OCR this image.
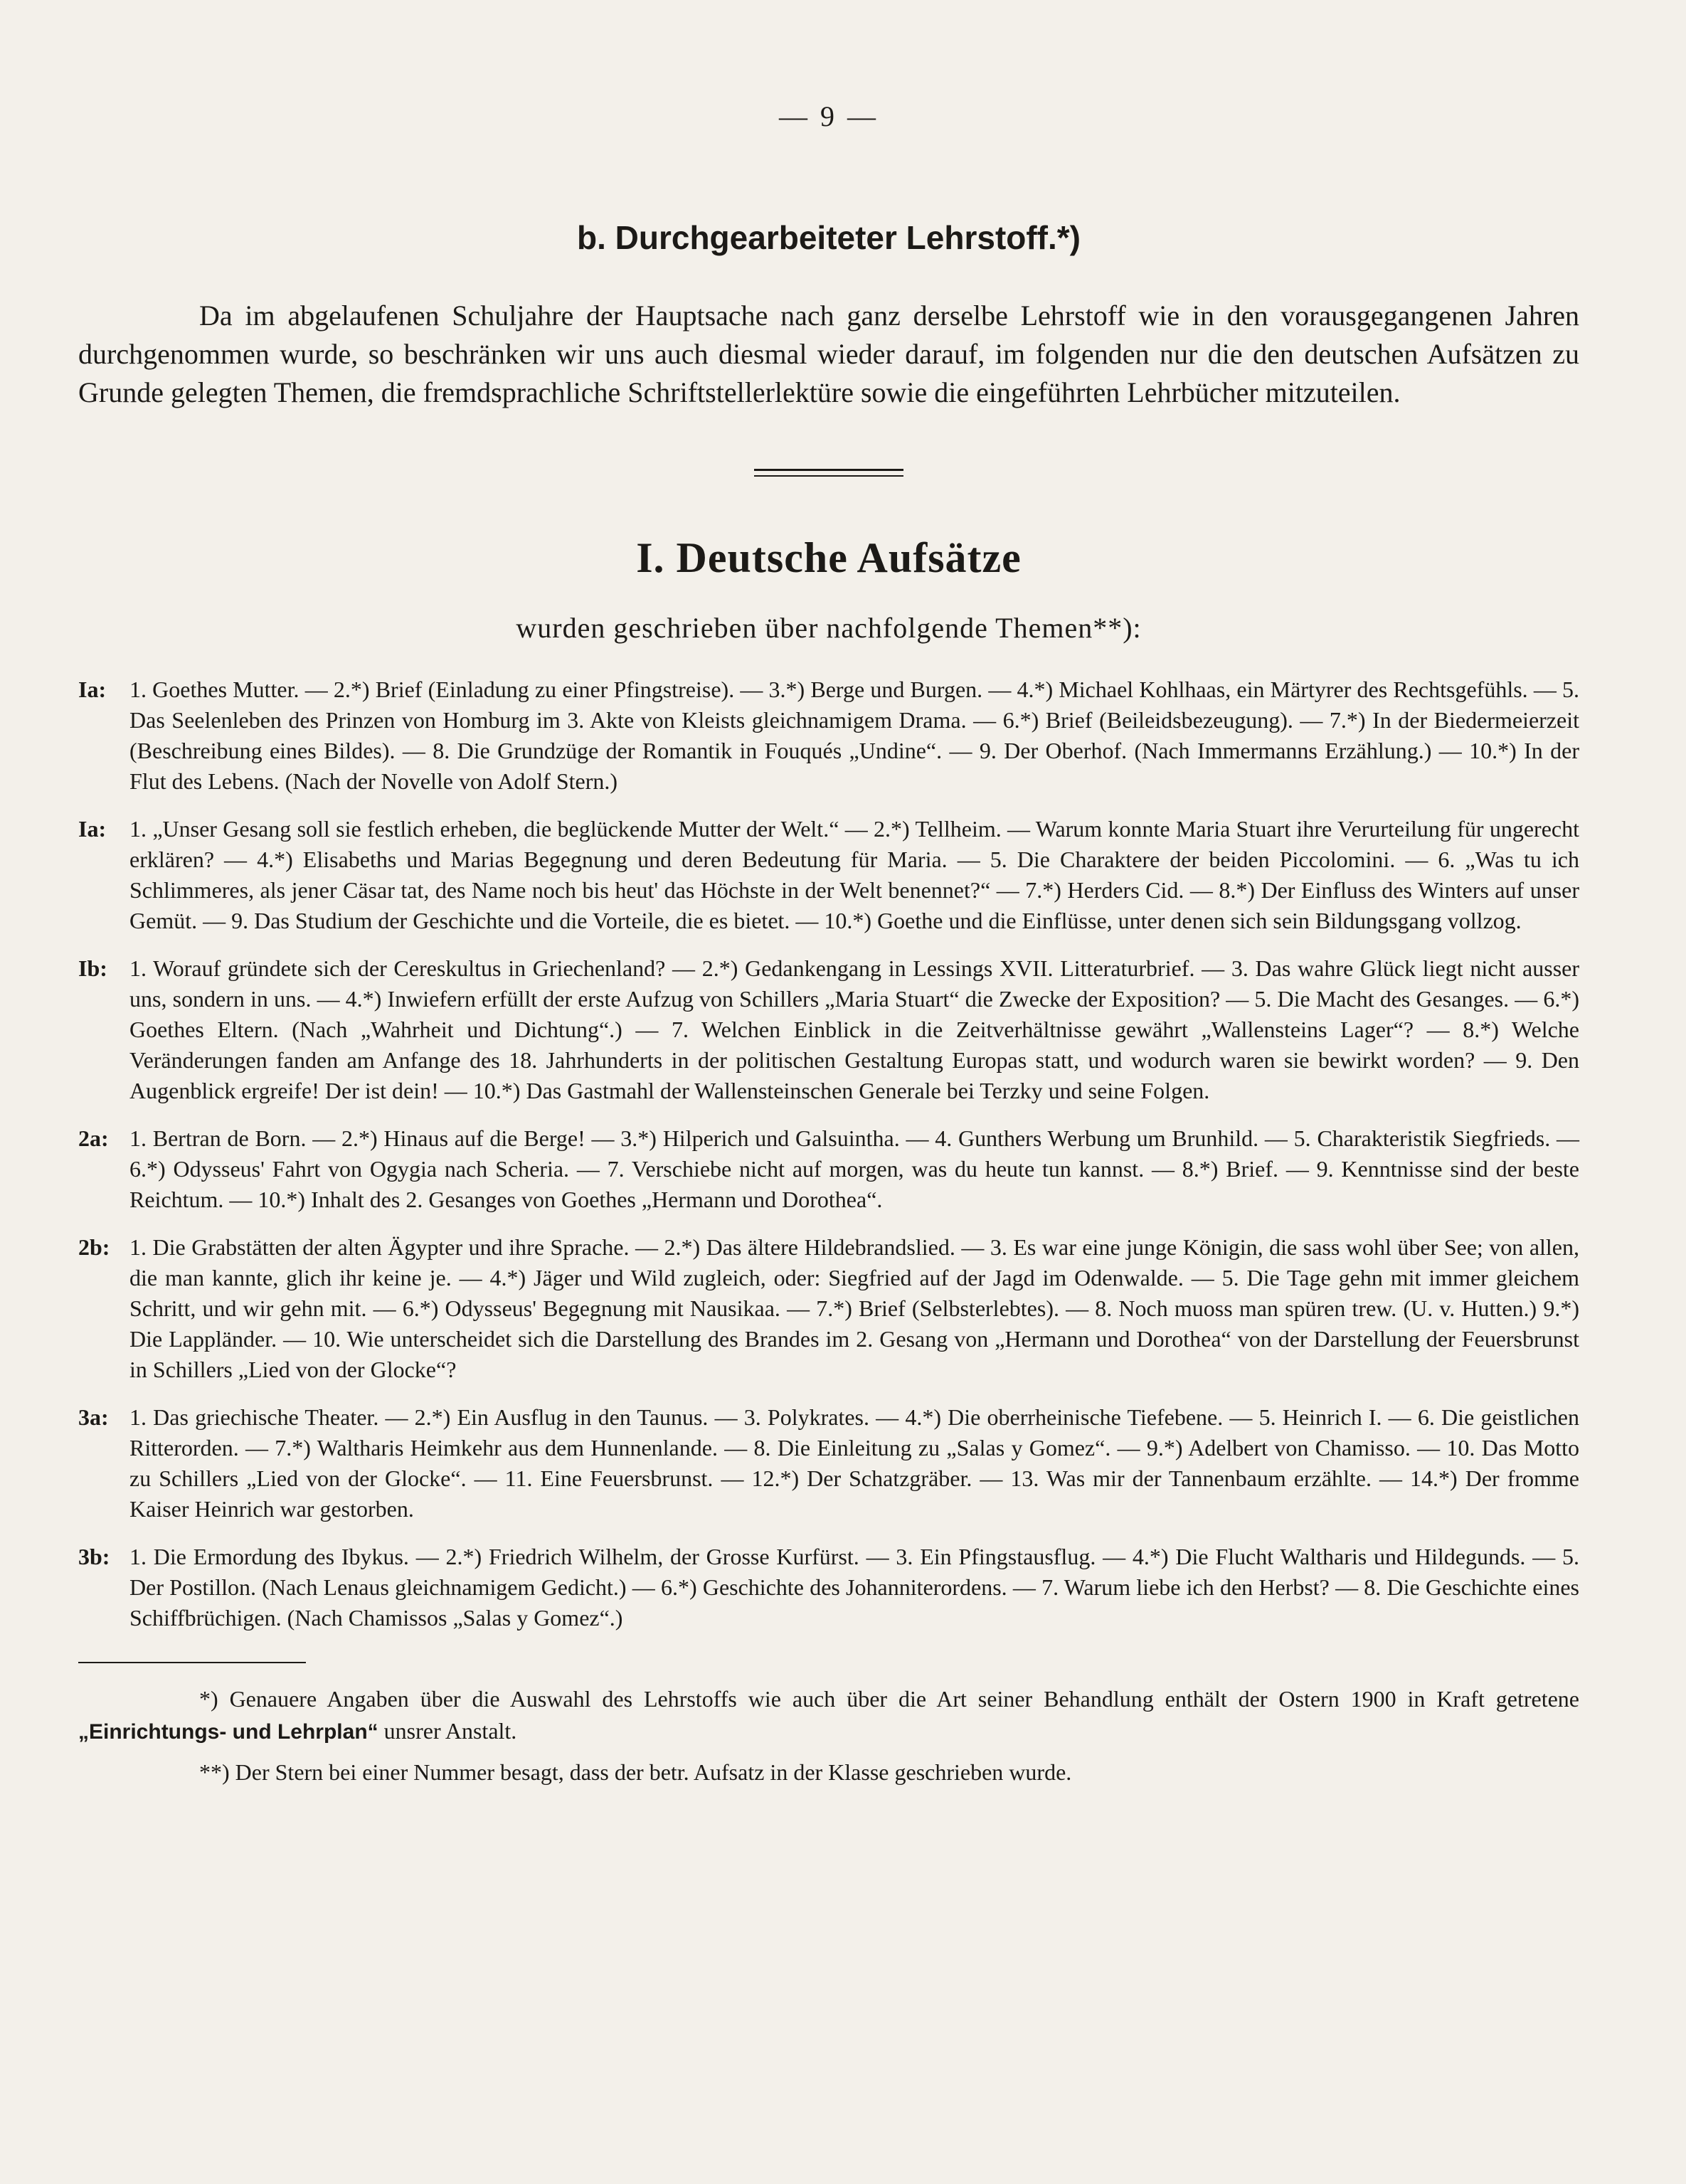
— 9 —
b. Durchgearbeiteter Lehrstoff.*)

Da im abgelaufenen Schuljahre der Hauptsache nach ganz derselbe Lehrstoff wie in den vorausgegangenen Jahren durchgenommen wurde, so beschränken wir uns auch diesmal wieder darauf, im folgenden nur die den deutschen Aufsätzen zu Grunde gelegten Themen, die fremdsprachliche Schriftstellerlektüre sowie die eingeführten Lehrbücher mitzuteilen.

I. Deutsche Aufsätze
wurden geschrieben über nachfolgende Themen**):
Ia:	1. Goethes Mutter. — 2.*) Brief (Einladung zu einer Pfingstreise). — 3.*) Berge und Burgen. — 4.*) Michael Kohlhaas, ein Märtyrer des Rechtsgefühls. — 5. Das Seelenleben des Prinzen von Homburg im 3. Akte von Kleists gleichnamigem Drama. — 6.*) Brief (Beileidsbezeugung). — 7.*) In der Biedermeierzeit (Beschreibung eines Bildes). — 8. Die Grundzüge der Romantik in Fouqués „Undine“. — 9. Der Oberhof. (Nach Immermanns Erzählung.) — 10.*) In der Flut des Lebens. (Nach der Novelle von Adolf Stern.)
Ia:	1. „Unser Gesang soll sie festlich erheben, die beglückende Mutter der Welt.“ — 2.*) Tellheim. — Warum konnte Maria Stuart ihre Verurteilung für ungerecht erklären? — 4.*) Elisabeths und Marias Begegnung und deren Bedeutung für Maria. — 5. Die Charaktere der beiden Piccolomini. — 6. „Was tu ich Schlimmeres, als jener Cäsar tat, des Name noch bis heut' das Höchste in der Welt benennet?“ — 7.*) Herders Cid. — 8.*) Der Einfluss des Winters auf unser Gemüt. — 9. Das Studium der Geschichte und die Vorteile, die es bietet. — 10.*) Goethe und die Einflüsse, unter denen sich sein Bildungsgang vollzog.
Ib: 1. Worauf gründete sich der Cereskultus in Griechenland? — 2.*) Gedankengang in Lessings XVII. Litteraturbrief. — 3. Das wahre Glück liegt nicht ausser uns, sondern in uns. — 4.*) Inwiefern erfüllt der erste Aufzug von Schillers „Maria Stuart“ die Zwecke der Exposition? — 5. Die Macht des Gesanges. — 6.*) Goethes Eltern. (Nach „Wahrheit und Dichtung“.) — 7. Welchen Einblick in die Zeitverhältnisse gewährt „Wallensteins Lager“? — 8.*) Welche Veränderungen fanden am Anfange des 18. Jahrhunderts in der politischen Gestaltung Europas statt, und wodurch waren sie bewirkt worden? — 9. Den Augenblick ergreife! Der ist dein! — 10.*) Das Gastmahl der Wallensteinschen Generale bei Terzky und seine Folgen.
2a: 1. Bertran de Born. — 2.*) Hinaus auf die Berge! — 3.*) Hilperich und Galsuintha. — 4. Gunthers Werbung um Brunhild. — 5. Charakteristik Siegfrieds. — 6.*) Odysseus' Fahrt von Ogygia nach Scheria. — 7. Verschiebe nicht auf morgen, was du heute tun kannst. — 8.*) Brief. — 9. Kenntnisse sind der beste Reichtum. — 10.*) Inhalt des 2. Gesanges von Goethes „Hermann und Dorothea“.
2b: 1. Die Grabstätten der alten Ägypter und ihre Sprache. — 2.*) Das ältere Hildebrandslied. — 3. Es war eine junge Königin, die sass wohl über See; von allen, die man kannte, glich ihr keine je. — 4.*) Jäger und Wild zugleich, oder: Siegfried auf der Jagd im Odenwalde. — 5. Die Tage gehn mit immer gleichem Schritt, und wir gehn mit. — 6.*) Odysseus' Begegnung mit Nausikaa. — 7.*) Brief (Selbsterlebtes). — 8. Noch muoss man spüren trew. (U. v. Hutten.) 9.*) Die Lappländer. — 10. Wie unterscheidet sich die Darstellung des Brandes im 2. Gesang von „Hermann und Dorothea“ von der Darstellung der Feuersbrunst in Schillers „Lied von der Glocke“?
3a: 1. Das griechische Theater. — 2.*) Ein Ausflug in den Taunus. — 3. Polykrates. — 4.*) Die oberrheinische Tiefebene. — 5. Heinrich I. — 6. Die geistlichen Ritterorden. — 7.*) Waltharis Heimkehr aus dem Hunnenlande. — 8. Die Einleitung zu „Salas y Gomez“. — 9.*) Adelbert von Chamisso. — 10. Das Motto zu Schillers „Lied von der Glocke“. — 11. Eine Feuersbrunst. — 12.*) Der Schatzgräber. — 13. Was mir der Tannenbaum erzählte. — 14.*) Der fromme Kaiser Heinrich war gestorben.
3b: 1. Die Ermordung des Ibykus. — 2.*) Friedrich Wilhelm, der Grosse Kurfürst. — 3. Ein Pfingstausflug. — 4.*) Die Flucht Waltharis und Hildegunds. — 5. Der Postillon. (Nach Lenaus gleichnamigem Gedicht.) — 6.*) Geschichte des Johanniterordens. — 7. Warum liebe ich den Herbst? — 8. Die Geschichte eines Schiffbrüchigen. (Nach Chamissos „Salas y Gomez“.)

*) Genauere Angaben über die Auswahl des Lehrstoffs wie auch über die Art seiner Behandlung enthält der Ostern 1900 in Kraft getretene „Einrichtungs- und Lehrplan“ unsrer Anstalt.

**) Der Stern bei einer Nummer besagt, dass der betr. Aufsatz in der Klasse geschrieben wurde.
